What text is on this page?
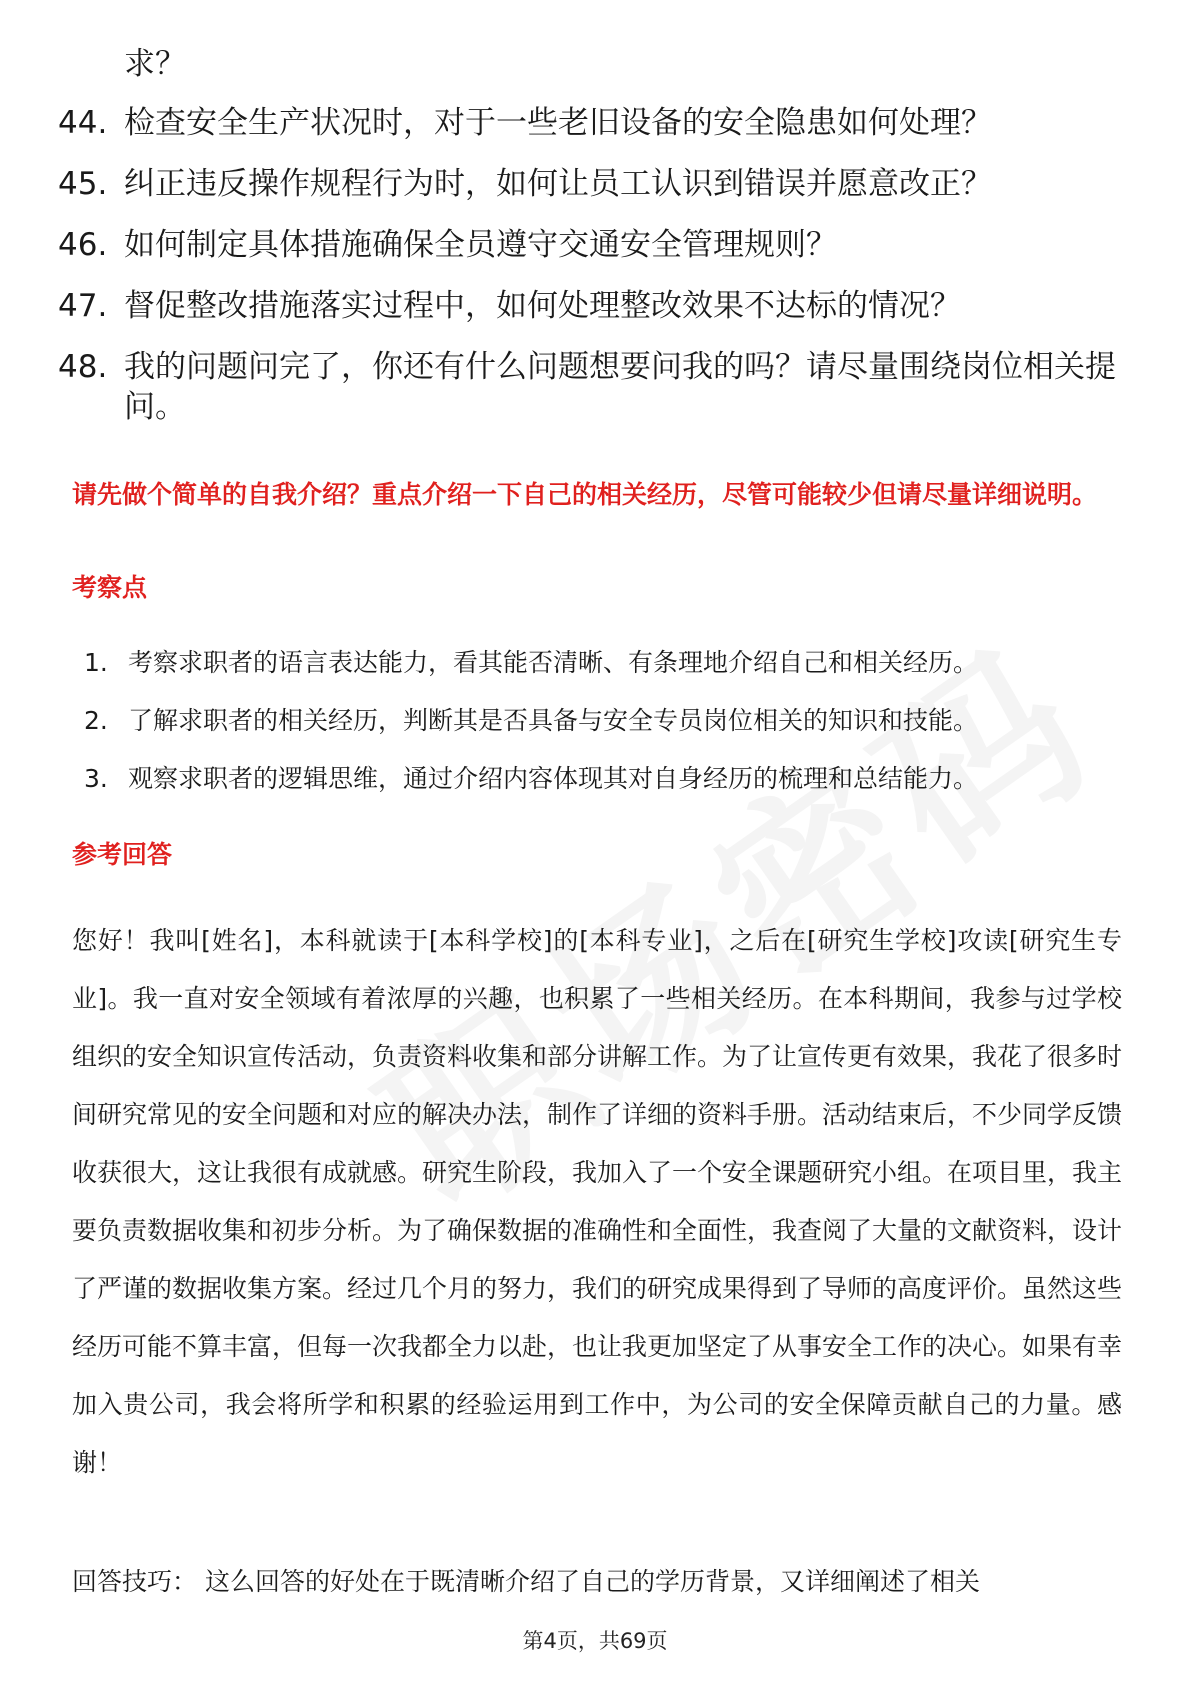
求？
44. 检查安全生产状况时，对于一些老旧设备的安全隐患如何处理？
45. 纠正违反操作规程行为时，如何让员工认识到错误并愿意改正？
46. 如何制定具体措施确保全员遵守交通安全管理规则？
47. 督促整改措施落实过程中，如何处理整改效果不达标的情况？
48. 我的问题问完了，你还有什么问题想要问我的吗？请尽量围绕岗位相关提问。
请先做个简单的自我介绍？重点介绍一下自己的相关经历，尽管可能较少但请尽量详细说明。
考察点
1. 考察求职者的语言表达能力，看其能否清晰、有条理地介绍自己和相关经历。
2. 了解求职者的相关经历，判断其是否具备与安全专员岗位相关的知识和技能。
3. 观察求职者的逻辑思维，通过介绍内容体现其对自身经历的梳理和总结能力。
参考回答
您好！我叫[姓名]，本科就读于[本科学校]的[本科专业]，之后在[研究生学校]攻读[研究生专业]。我一直对安全领域有着浓厚的兴趣，也积累了一些相关经历。在本科期间，我参与过学校组织的安全知识宣传活动，负责资料收集和部分讲解工作。为了让宣传更有效果，我花了很多时间研究常见的安全问题和对应的解决办法，制作了详细的资料手册。活动结束后，不少同学反馈收获很大，这让我很有成就感。研究生阶段，我加入了一个安全课题研究小组。在项目里，我主要负责数据收集和初步分析。为了确保数据的准确性和全面性，我查阅了大量的文献资料，设计了严谨的数据收集方案。经过几个月的努力，我们的研究成果得到了导师的高度评价。虽然这些经历可能不算丰富，但每一次我都全力以赴，也让我更加坚定了从事安全工作的决心。如果有幸加入贵公司，我会将所学和积累的经验运用到工作中，为公司的安全保障贡献自己的力量。感谢！
回答技巧： 这么回答的好处在于既清晰介绍了自己的学历背景，又详细阐述了相关
第4页，共69页
